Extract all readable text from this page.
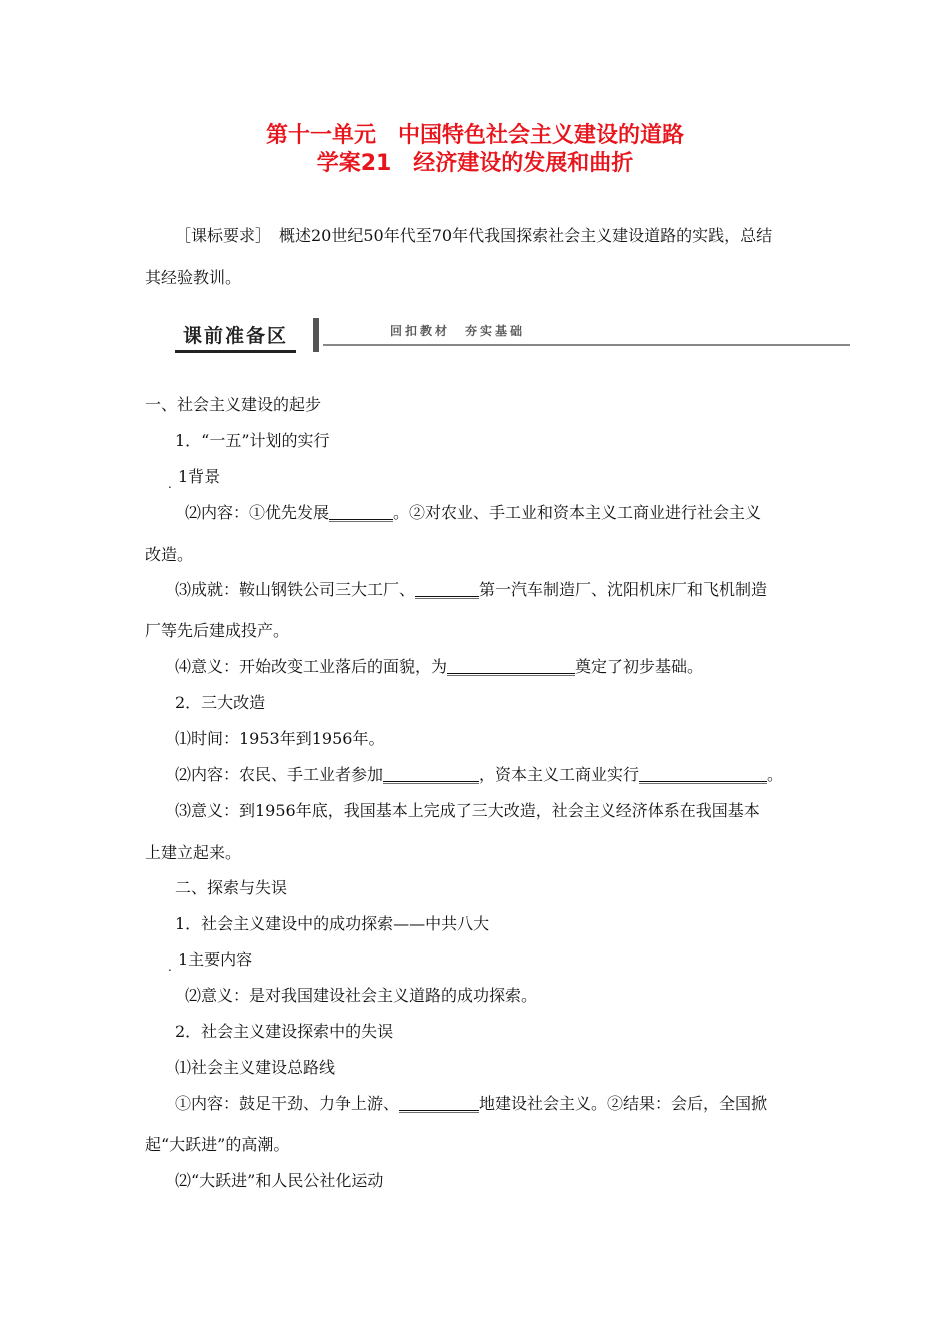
第十一单元　中国特色社会主义建设的道路
学案21　经济建设的发展和曲折
［课标要求］　概述20世纪50年代至70年代我国探索社会主义建设道路的实践，总结
其经验教训。
课前准备区	回扣教材　夯实基础
一、社会主义建设的起步
1．“一五”计划的实行
. 1背景
⑵内容：①优先发展________。②对农业、手工业和资本主义工商业进行社会主义
改造。
⑶成就：鞍山钢铁公司三大工厂、________第一汽车制造厂、沈阳机床厂和飞机制造
厂等先后建成投产。
⑷意义：开始改变工业落后的面貌，为________________奠定了初步基础。
2．三大改造
⑴时间：1953年到1956年。
⑵内容：农民、手工业者参加____________，资本主义工商业实行________________。
⑶意义：到1956年底，我国基本上完成了三大改造，社会主义经济体系在我国基本
上建立起来。
二、探索与失误
1．社会主义建设中的成功探索——中共八大
. 1主要内容
⑵意义：是对我国建设社会主义道路的成功探索。
2．社会主义建设探索中的失误
⑴社会主义建设总路线
①内容：鼓足干劲、力争上游、__________地建设社会主义。②结果：会后，全国掀
起“大跃进”的高潮。
⑵“大跃进”和人民公社化运动
